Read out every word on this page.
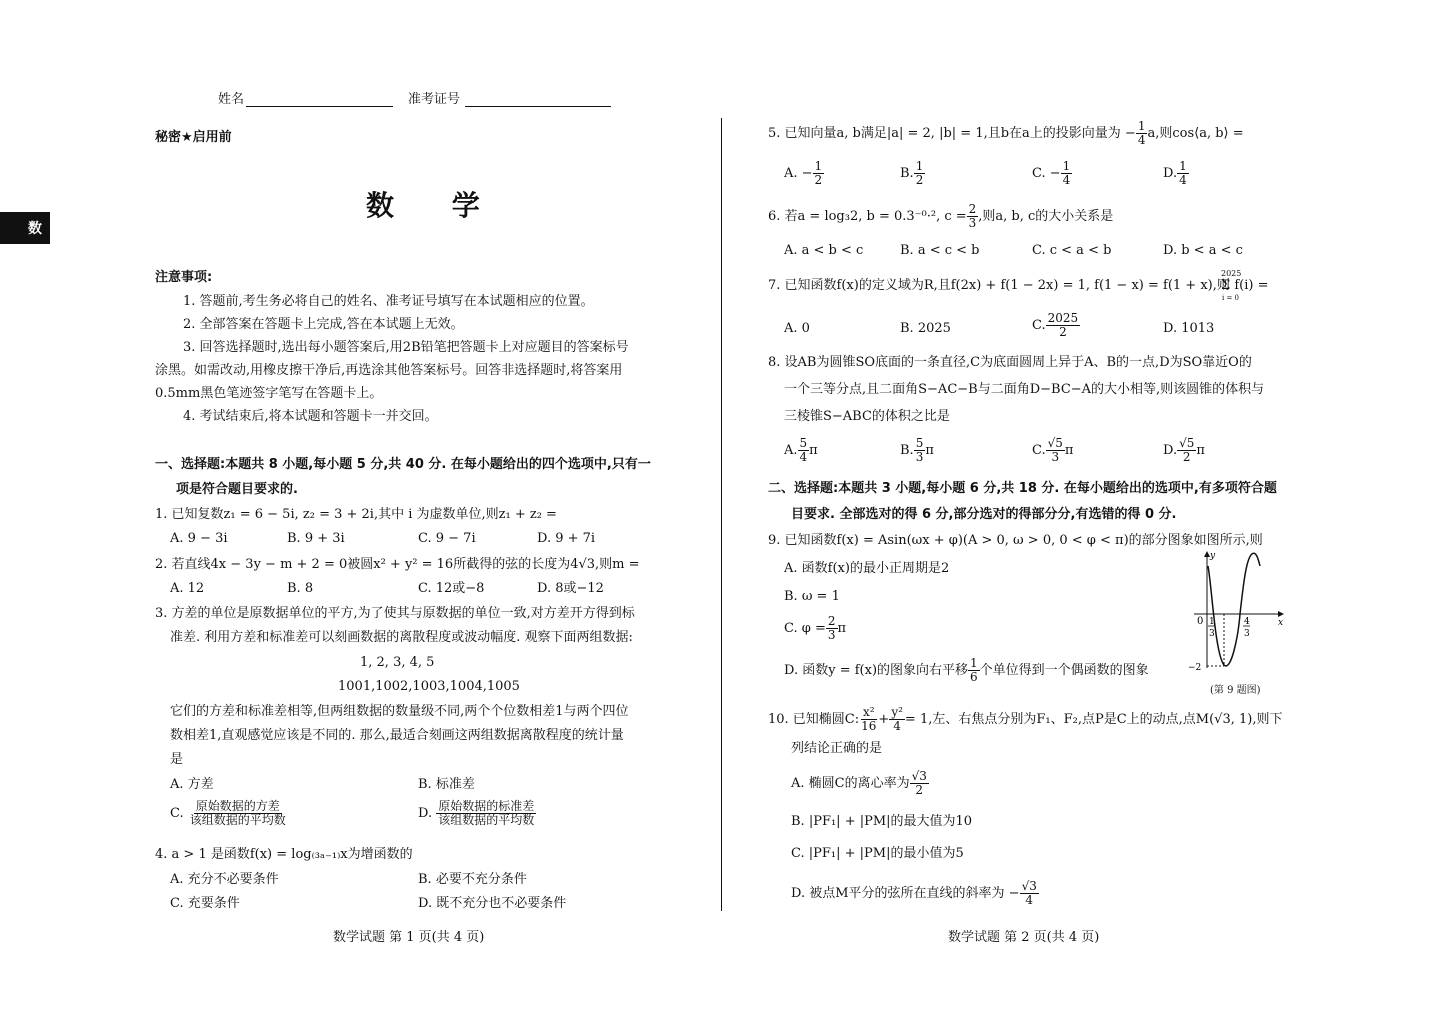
数
姓名	准考证号
秘密★启用前
数 学
注意事项:
1. 答题前,考生务必将自己的姓名、准考证号填写在本试题相应的位置。
2. 全部答案在答题卡上完成,答在本试题上无效。
3. 回答选择题时,选出每小题答案后,用2B铅笔把答题卡上对应题目的答案标号
涂黑。如需改动,用橡皮擦干净后,再选涂其他答案标号。回答非选择题时,将答案用
0.5mm黑色笔迹签字笔写在答题卡上。
4. 考试结束后,将本试题和答题卡一并交回。
一、选择题:本题共 8 小题,每小题 5 分,共 40 分. 在每小题给出的四个选项中,只有一
项是符合题目要求的.
1. 已知复数z₁ = 6 − 5i, z₂ = 3 + 2i,其中 i 为虚数单位,则z₁ + z₂ =
A. 9 − 3i	B. 9 + 3i	C. 9 − 7i	D. 9 + 7i
2. 若直线4x − 3y − m + 2 = 0被圆x² + y² = 16所截得的弦的长度为4√3,则m =
A. 12	B. 8	C. 12或−8	D. 8或−12
3. 方差的单位是原数据单位的平方,为了使其与原数据的单位一致,对方差开方得到标
准差. 利用方差和标准差可以刻画数据的离散程度或波动幅度. 观察下面两组数据:
1, 2, 3, 4, 5
1001,1002,1003,1004,1005
它们的方差和标准差相等,但两组数据的数量级不同,两个个位数相差1与两个四位
数相差1,直观感觉应该是不同的. 那么,最适合刻画这两组数据离散程度的统计量
是
A. 方差	B. 标准差
C. $\frac{\text{原始数据的方差}}{\text{该组数据的平均数}}$	D. $\frac{\text{原始数据的标准差}}{\text{该组数据的平均数}}$
4. a > 1 是函数f(x) = log₍₃ₐ₋₁₎x为增函数的
A. 充分不必要条件	B. 必要不充分条件
C. 充要条件	D. 既不充分也不必要条件
数学试题 第 1 页(共 4 页)
5. 已知向量a, b满足|a| = 2, |b| = 1,且b在a上的投影向量为 − $\frac{1}{4} a$,则cos⟨a, b⟩ =
A. − $\frac{1}{2}$	B. $\frac{1}{2}$	C. − $\frac{1}{4}$	D. $\frac{1}{4}$
6. 若a = log₃2, b = 0.3⁻⁰·², $c = \frac{2}{3}$ ,则a, b, c的大小关系是
A. a < b < c	B. a < c < b	C. c < a < b	D. b < a < c
7. 已知函数f(x)的定义域为R,且f(2x) + f(1 − 2x) = 1, f(1 − x) = f(1 + x),则
2025
Σ f(i) =
i = 0
A. 0	B. 2025	C. $\frac{2025}{2}$	D. 1013
8. 设AB为圆锥SO底面的一条直径,C为底面圆周上异于A、B的一点,D为SO靠近O的
一个三等分点,且二面角S−AC−B与二面角D−BC−A的大小相等,则该圆锥的体积与
三棱锥S−ABC的体积之比是
A. $\frac{5}{4}$ π	B. $\frac{5}{3}$ π	C. $\frac{√5}{3}$ π	D. $\frac{√5}{2}$ π
二、选择题:本题共 3 小题,每小题 6 分,共 18 分. 在每小题给出的选项中,有多项符合题
目要求. 全部选对的得 6 分,部分选对的得部分分,有选错的得 0 分.
9. 已知函数f(x) = Asin(ωx + φ)(A > 0, ω > 0, 0 < φ < π)的部分图象如图所示,则
A. 函数f(x)的最小正周期是2
B. ω = 1
C. $\varphi = \frac{2}{3}$ π
D. 函数y = f(x)的图象向右平移 $\frac{1}{6}$ 个单位得到一个偶函数的图象
y
x
0 1
3
4
3
−2
(第 9 题图)
10. 已知椭圆C: $\frac{\text{x²}}{16} + \frac{\text{y²}}{4} = 1$,左、右焦点分别为F₁、F₂,点P是C上的动点,点M(√3, 1),则下
列结论正确的是
A. 椭圆C的离心率为 $\frac{√3}{2}$
B. |PF₁| + |PM|的最大值为10
C. |PF₁| + |PM|的最小值为5
D. 被点M平分的弦所在直线的斜率为 − $\frac{√3}{4}$
数学试题 第 2 页(共 4 页)
